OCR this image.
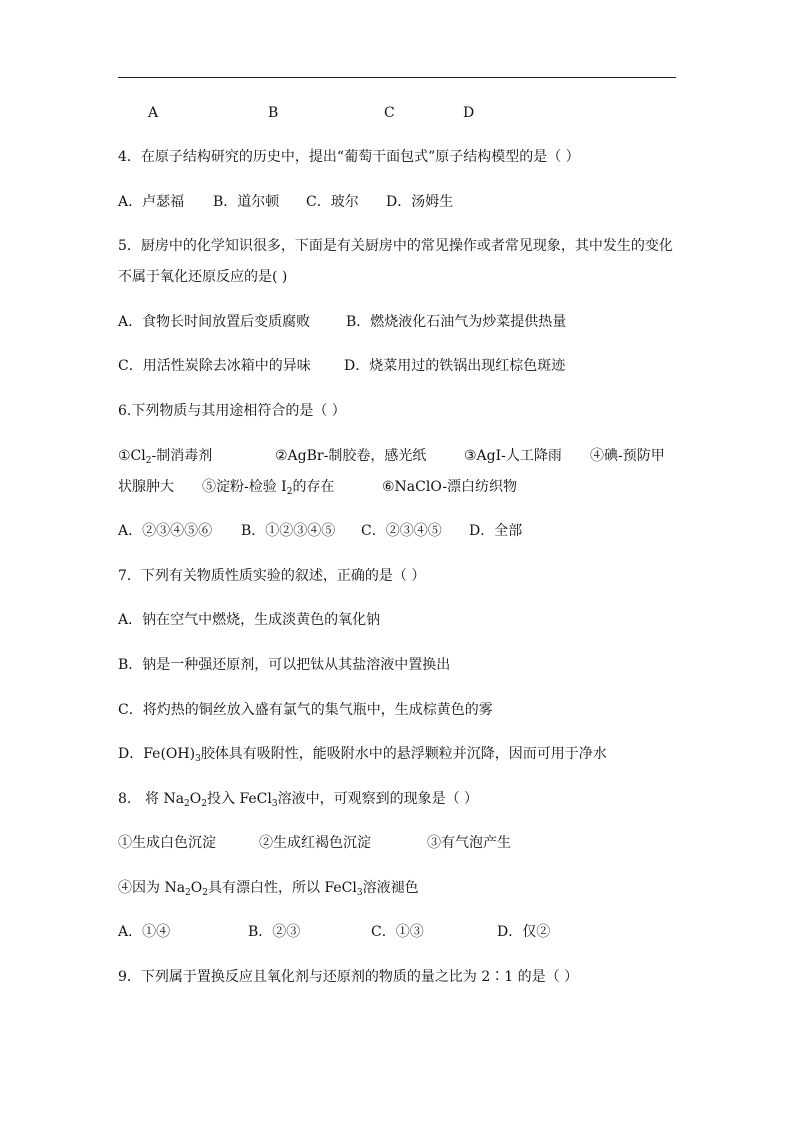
A	B	C	D
4．在原子结构研究的历史中，提出“葡萄干面包式”原子结构模型的是（ ）
A．卢瑟福 B．道尔顿 C．玻尔 D．汤姆生
5．厨房中的化学知识很多，下面是有关厨房中的常见操作或者常见现象，其中发生的变化
不属于氧化还原反应的是( )
A．食物长时间放置后变质腐败	B．燃烧液化石油气为炒菜提供热量
C．用活性炭除去冰箱中的异味 D．烧菜用过的铁锅出现红棕色斑迹
6.下列物质与其用途相符合的是（ ）
$①Cl_2-$制消毒剂	②AgBr-制胶卷，感光纸	③AgI-人工降雨 ④碘-预防甲
状腺肿大 ⑤淀粉-检验 $I_2$的存在	⑥NaClO-漂白纺织物
A．②③④⑤⑥ B．①②③④⑤ C．②③④⑤ D．全部
7．下列有关物质性质实验的叙述，正确的是（ ）
A．钠在空气中燃烧，生成淡黄色的氧化钠
B．钠是一种强还原剂，可以把钛从其盐溶液中置换出
C．将灼热的铜丝放入盛有氯气的集气瓶中，生成棕黄色的雾
D．$Fe(OH)_3$胶体具有吸附性，能吸附水中的悬浮颗粒并沉降，因而可用于净水
8. 将 $Na_2O_2$投入 FeCl$_3$溶液中，可观察到的现象是（ ）
①生成白色沉淀	②生成红褐色沉淀	③有气泡产生
④因为 $Na_2O_2$具有漂白性，所以 FeCl$_3$溶液褪色
A．①④	B．②③	C．①③	D．仅②
9．下列属于置换反应且氧化剂与还原剂的物质的量之比为 2∶1 的是（ ）
